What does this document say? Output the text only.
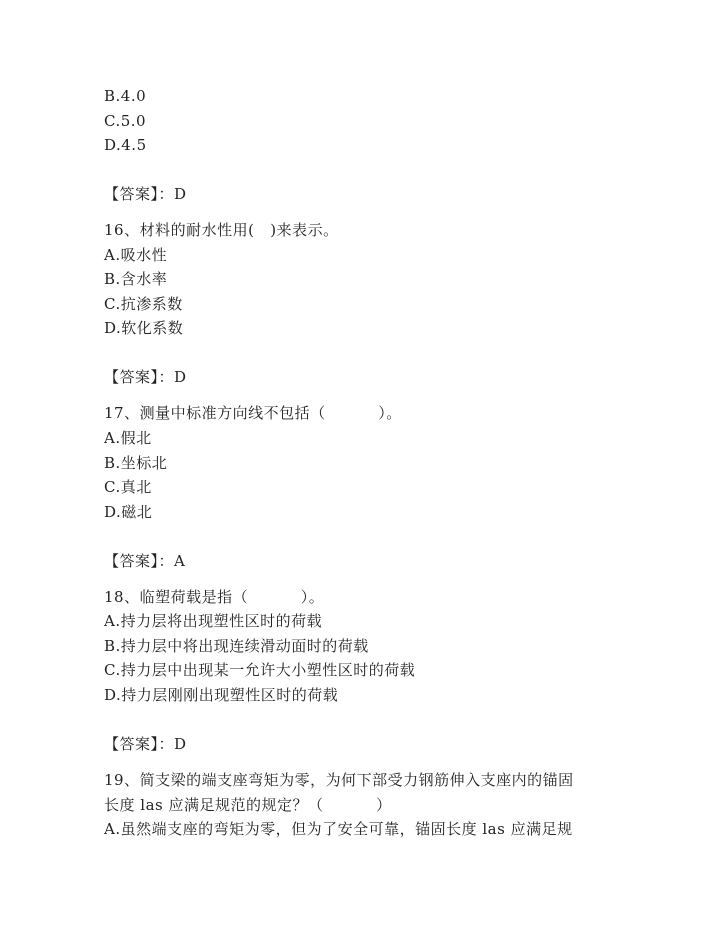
B.4.0
C.5.0
D.4.5
【答案】：D
16、材料的耐水性用(   )来表示。
A.吸水性
B.含水率
C.抗渗系数
D.软化系数
【答案】：D
17、测量中标准方向线不包括（          ）。
A.假北
B.坐标北
C.真北
D.磁北
【答案】：A
18、临塑荷载是指（          ）。
A.持力层将出现塑性区时的荷载
B.持力层中将出现连续滑动面时的荷载
C.持力层中出现某一允许大小塑性区时的荷载
D.持力层刚刚出现塑性区时的荷载
【答案】：D
19、简支梁的端支座弯矩为零，为何下部受力钢筋伸入支座内的锚固
长度 las 应满足规范的规定？（          ）
A.虽然端支座的弯矩为零，但为了安全可靠，锚固长度 las 应满足规
